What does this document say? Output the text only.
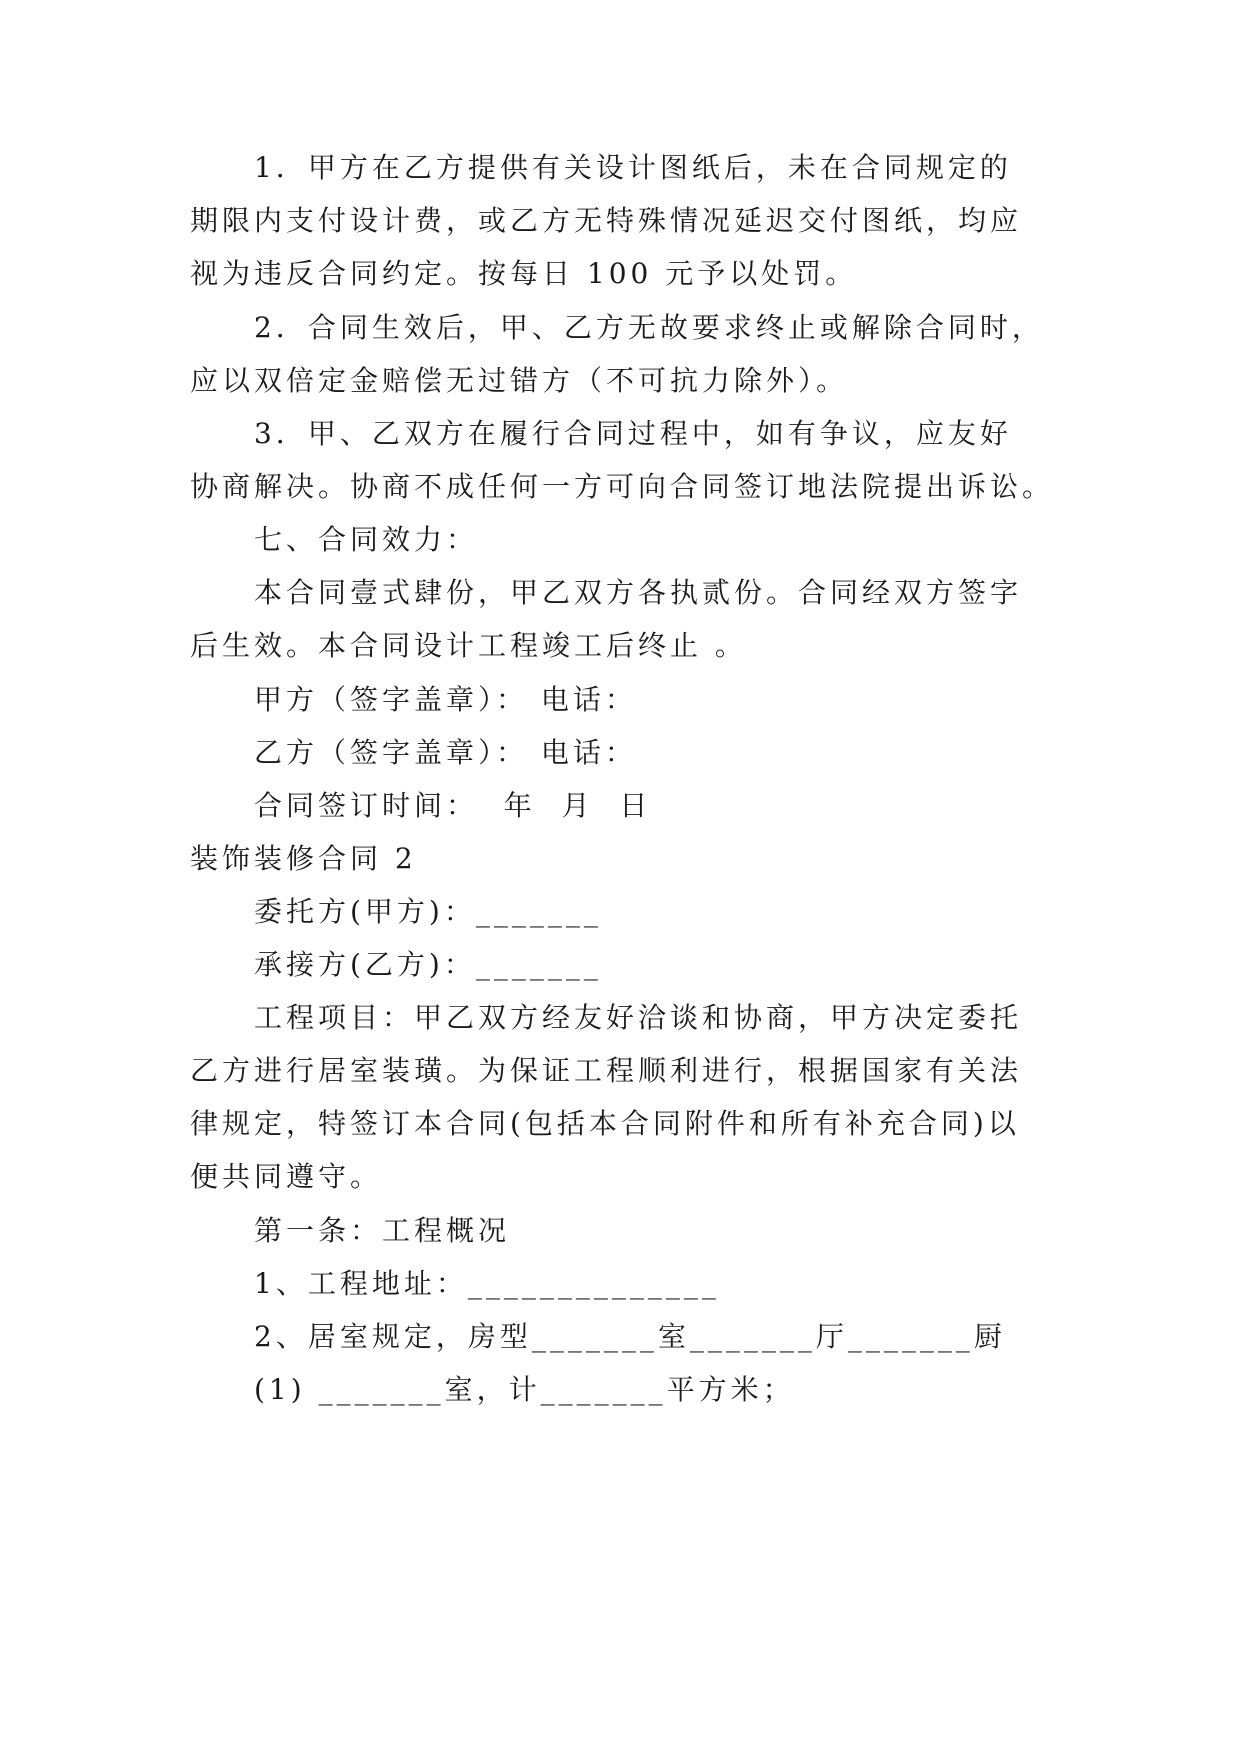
1．甲方在乙方提供有关设计图纸后，未在合同规定的
期限内支付设计费，或乙方无特殊情况延迟交付图纸，均应
视为违反合同约定。按每日 100 元予以处罚。
2．合同生效后，甲、乙方无故要求终止或解除合同时，
应以双倍定金赔偿无过错方（不可抗力除外）。
3．甲、乙双方在履行合同过程中，如有争议，应友好
协商解决。协商不成任何一方可向合同签订地法院提出诉讼。
七、合同效力：
本合同壹式肆份，甲乙双方各执贰份。合同经双方签字
后生效。本合同设计工程竣工后终止 。
甲方（签字盖章）： 电话：
乙方（签字盖章）： 电话：
合同签订时间：  年  月  日
装饰装修合同 2
委托方(甲方)：_______
承接方(乙方)：_______
工程项目：甲乙双方经友好洽谈和协商，甲方决定委托
乙方进行居室装璜。为保证工程顺利进行，根据国家有关法
律规定，特签订本合同(包括本合同附件和所有补充合同)以
便共同遵守。
第一条：工程概况
1、工程地址：______________
2、居室规定，房型_______室_______厅_______厨
(1) _______室，计_______平方米；
